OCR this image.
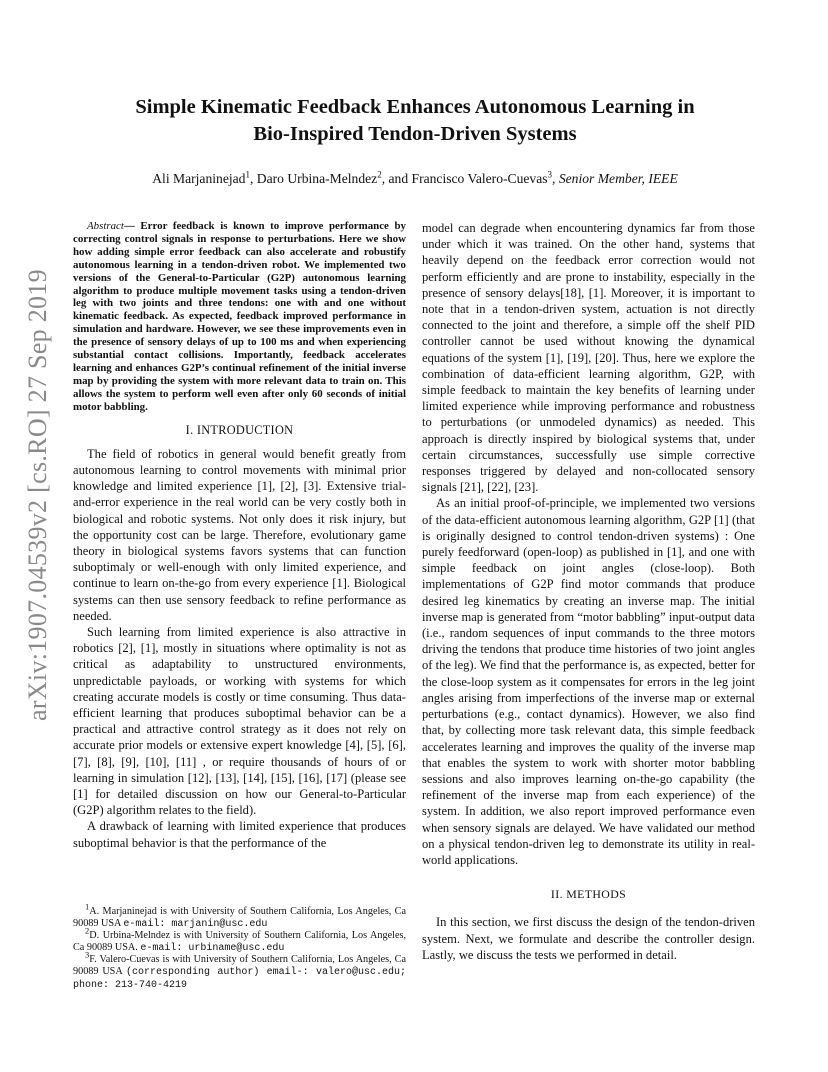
arXiv:1907.04539v2 [cs.RO] 27 Sep 2019
Simple Kinematic Feedback Enhances Autonomous Learning in
Bio-Inspired Tendon-Driven Systems
Ali Marjaninejad$^1$, Daro Urbina-Melndez$^2$, and Francisco Valero-Cuevas$^3$, Senior Member, IEEE

Abstract— Error feedback is known to improve performance by correcting control signals in response to perturbations. Here we show how adding simple error feedback can also accelerate and robustify autonomous learning in a tendon-driven robot. We implemented two versions of the General-to-Particular (G2P) autonomous learning algorithm to produce multiple movement tasks using a tendon-driven leg with two joints and three tendons: one with and one without kinematic feedback. As expected, feedback improved performance in simulation and hardware. However, we see these improvements even in the presence of sensory delays of up to 100 ms and when experiencing substantial contact collisions. Importantly, feedback accelerates learning and enhances G2P’s continual refinement of the initial inverse map by providing the system with more relevant data to train on. This allows the system to perform well even after only 60 seconds of initial motor babbling.

I. INTRODUCTION

The field of robotics in general would benefit greatly from autonomous learning to control movements with minimal prior knowledge and limited experience [1], [2], [3]. Extensive trial-and-error experience in the real world can be very costly both in biological and robotic systems. Not only does it risk injury, but the opportunity cost can be large. Therefore, evolutionary game theory in biological systems favors systems that can function suboptimaly or well-enough with only limited experience, and continue to learn on-the-go from every experience [1]. Biological systems can then use sensory feedback to refine performance as needed.

Such learning from limited experience is also attractive in robotics [2], [1], mostly in situations where optimality is not as critical as adaptability to unstructured environments, unpredictable payloads, or working with systems for which creating accurate models is costly or time consuming. Thus data-efficient learning that produces suboptimal behavior can be a practical and attractive control strategy as it does not rely on accurate prior models or extensive expert knowledge [4], [5], [6], [7], [8], [9], [10], [11] , or require thousands of hours of or learning in simulation [12], [13], [14], [15], [16], [17] (please see [1] for detailed discussion on how our General-to-Particular (G2P) algorithm relates to the field).

A drawback of learning with limited experience that produces suboptimal behavior is that the performance of the

$^1$A. Marjaninejad is with University of Southern California, Los Angeles, Ca 90089 USA e-mail: marjanin@usc.edu

$^2$D. Urbina-Melndez is with University of Southern California, Los Angeles, Ca 90089 USA. e-mail: urbiname@usc.edu

$^3$F. Valero-Cuevas is with University of Southern California, Los Angeles, Ca 90089 USA (corresponding author) email-: valero@usc.edu; phone: 213-740-4219

model can degrade when encountering dynamics far from those under which it was trained. On the other hand, systems that heavily depend on the feedback error correction would not perform efficiently and are prone to instability, especially in the presence of sensory delays[18], [1]. Moreover, it is important to note that in a tendon-driven system, actuation is not directly connected to the joint and therefore, a simple off the shelf PID controller cannot be used without knowing the dynamical equations of the system [1], [19], [20]. Thus, here we explore the combination of data-efficient learning algorithm, G2P, with simple feedback to maintain the key benefits of learning under limited experience while improving performance and robustness to perturbations (or unmodeled dynamics) as needed. This approach is directly inspired by biological systems that, under certain circumstances, successfully use simple corrective responses triggered by delayed and non-collocated sensory signals [21], [22], [23].

As an initial proof-of-principle, we implemented two versions of the data-efficient autonomous learning algorithm, G2P [1] (that is originally designed to control tendon-driven systems) : One purely feedforward (open-loop) as published in [1], and one with simple feedback on joint angles (close-loop). Both implementations of G2P find motor commands that produce desired leg kinematics by creating an inverse map. The initial inverse map is generated from “motor babbling” input-output data (i.e., random sequences of input commands to the three motors driving the tendons that produce time histories of two joint angles of the leg). We find that the performance is, as expected, better for the close-loop system as it compensates for errors in the leg joint angles arising from imperfections of the inverse map or external perturbations (e.g., contact dynamics). However, we also find that, by collecting more task relevant data, this simple feedback accelerates learning and improves the quality of the inverse map that enables the system to work with shorter motor babbling sessions and also improves learning on-the-go capability (the refinement of the inverse map from each experience) of the system. In addition, we also report improved performance even when sensory signals are delayed. We have validated our method on a physical tendon-driven leg to demonstrate its utility in real-world applications.

II. METHODS

In this section, we first discuss the design of the tendon-driven system. Next, we formulate and describe the controller design. Lastly, we discuss the tests we performed in detail.
